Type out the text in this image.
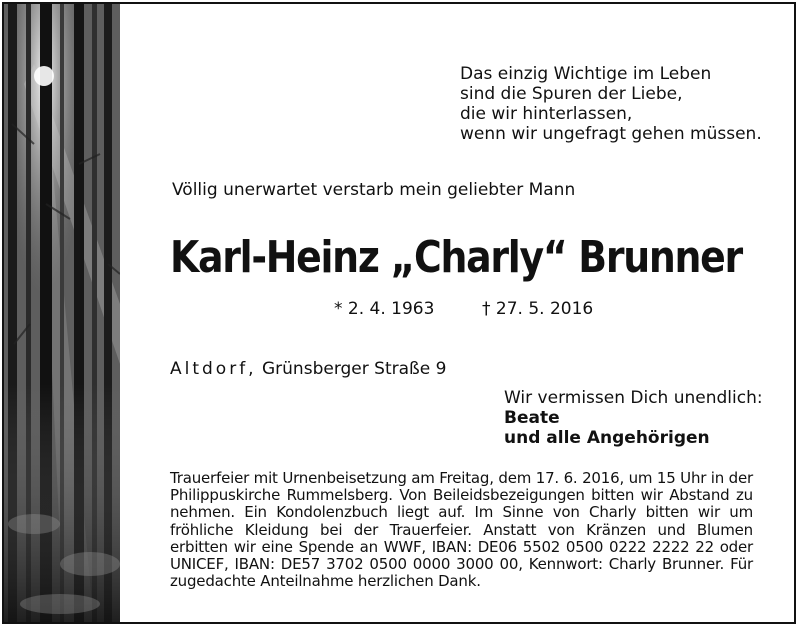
Das einzig Wichtige im Leben
sind die Spuren der Liebe,
die wir hinterlassen,
wenn wir ungefragt gehen müssen.
Völlig unerwartet verstarb mein geliebter Mann
Karl-Heinz „Charly“ Brunner
* 2. 4. 1963	† 27. 5. 2016
Altdorf, Grünsberger Straße 9
Wir vermissen Dich unendlich:
Beate
und alle Angehörigen
Trauerfeier mit Urnenbeisetzung am Freitag, dem 17. 6. 2016, um 15 Uhr in der Philippuskirche Rummelsberg. Von Beileidsbezeigungen bitten wir Abstand zu nehmen. Ein Kondolenzbuch liegt auf. Im Sinne von Charly bitten wir um fröhliche Kleidung bei der Trauerfeier. Anstatt von Kränzen und Blumen erbitten wir eine Spende an WWF, IBAN: DE06 5502 0500 0222 2222 22 oder UNICEF, IBAN: DE57 3702 0500 0000 3000 00, Kennwort: Charly Brunner. Für zugedachte Anteilnahme herzlichen Dank.
